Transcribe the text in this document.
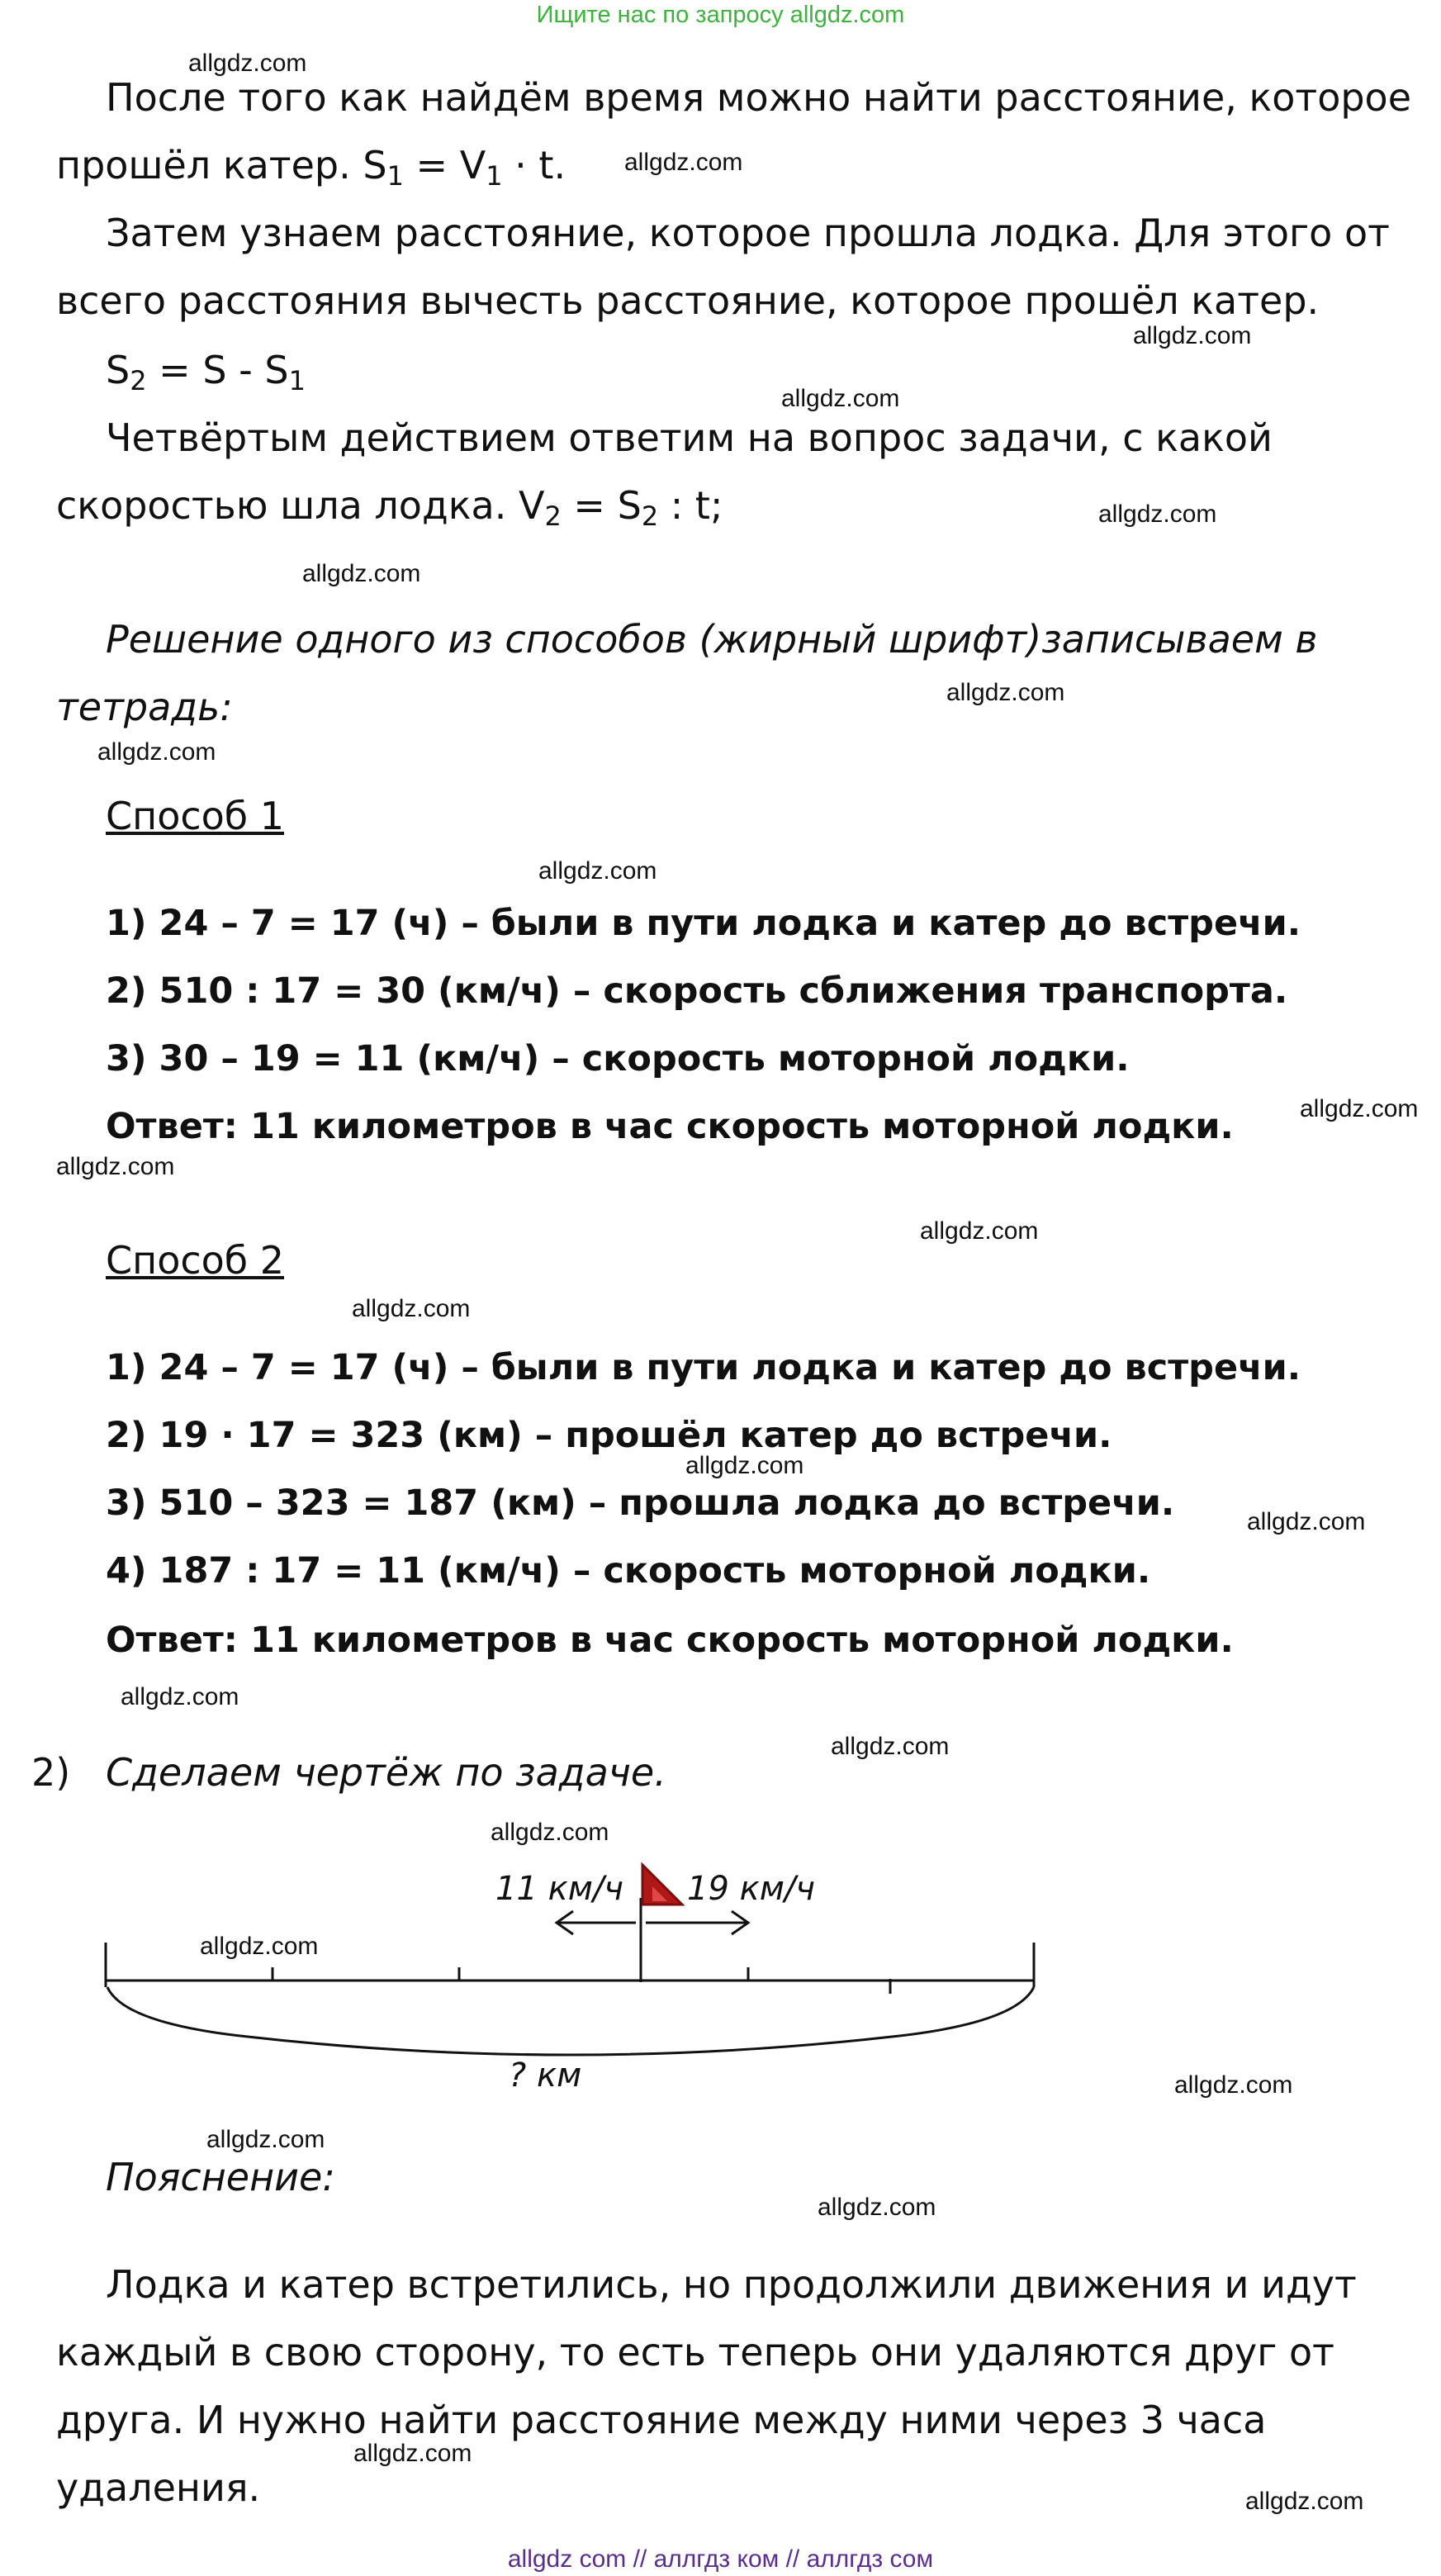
Ищите нас по запросу allgdz.com
allgdz.com
allgdz.com
allgdz.com
allgdz.com
allgdz.com
allgdz.com
allgdz.com
allgdz.com
allgdz.com
allgdz.com
allgdz.com
allgdz.com
allgdz.com
allgdz.com
allgdz.com
allgdz.com
allgdz.com
allgdz.com
allgdz.com
allgdz.com
allgdz.com
allgdz.com
allgdz.com
allgdz.com
После того как найдём время можно найти расстояние, которое
прошёл катер. $S_1 = V_1 \cdot t$.
Затем узнаем расстояние, которое прошла лодка. Для этого от
всего расстояния вычесть расстояние, которое прошёл катер.
$S_2 = S - S_1$
Четвёртым действием ответим на вопрос задачи, с какой
скоростью шла лодка. $V_2 = S_2$ : t;
Решение одного из способов (жирный шрифт)записываем в
тетрадь:
Способ 1
1) 24 – 7 = 17 (ч) – были в пути лодка и катер до встречи.
2) 510 : 17 = 30 (км/ч) – скорость сближения транспорта.
3) 30 – 19 = 11 (км/ч) – скорость моторной лодки.
Ответ: 11 километров в час скорость моторной лодки.
Способ 2
1) 24 – 7 = 17 (ч) – были в пути лодка и катер до встречи.
2) 19 · 17 = 323 (км) – прошёл катер до встречи.
3) 510 – 323 = 187 (км) – прошла лодка до встречи.
4) 187 : 17 = 11 (км/ч) – скорость моторной лодки.
Ответ: 11 километров в час скорость моторной лодки.
2) Сделаем чертёж по задаче.
11 км/ч 19 км/ч
? км
Пояснение:
Лодка и катер встретились, но продолжили движения и идут
каждый в свою сторону, то есть теперь они удаляются друг от
друга. И нужно найти расстояние между ними через 3 часа
удаления.
allgdz com // аллгдз ком // аллгдз сом
